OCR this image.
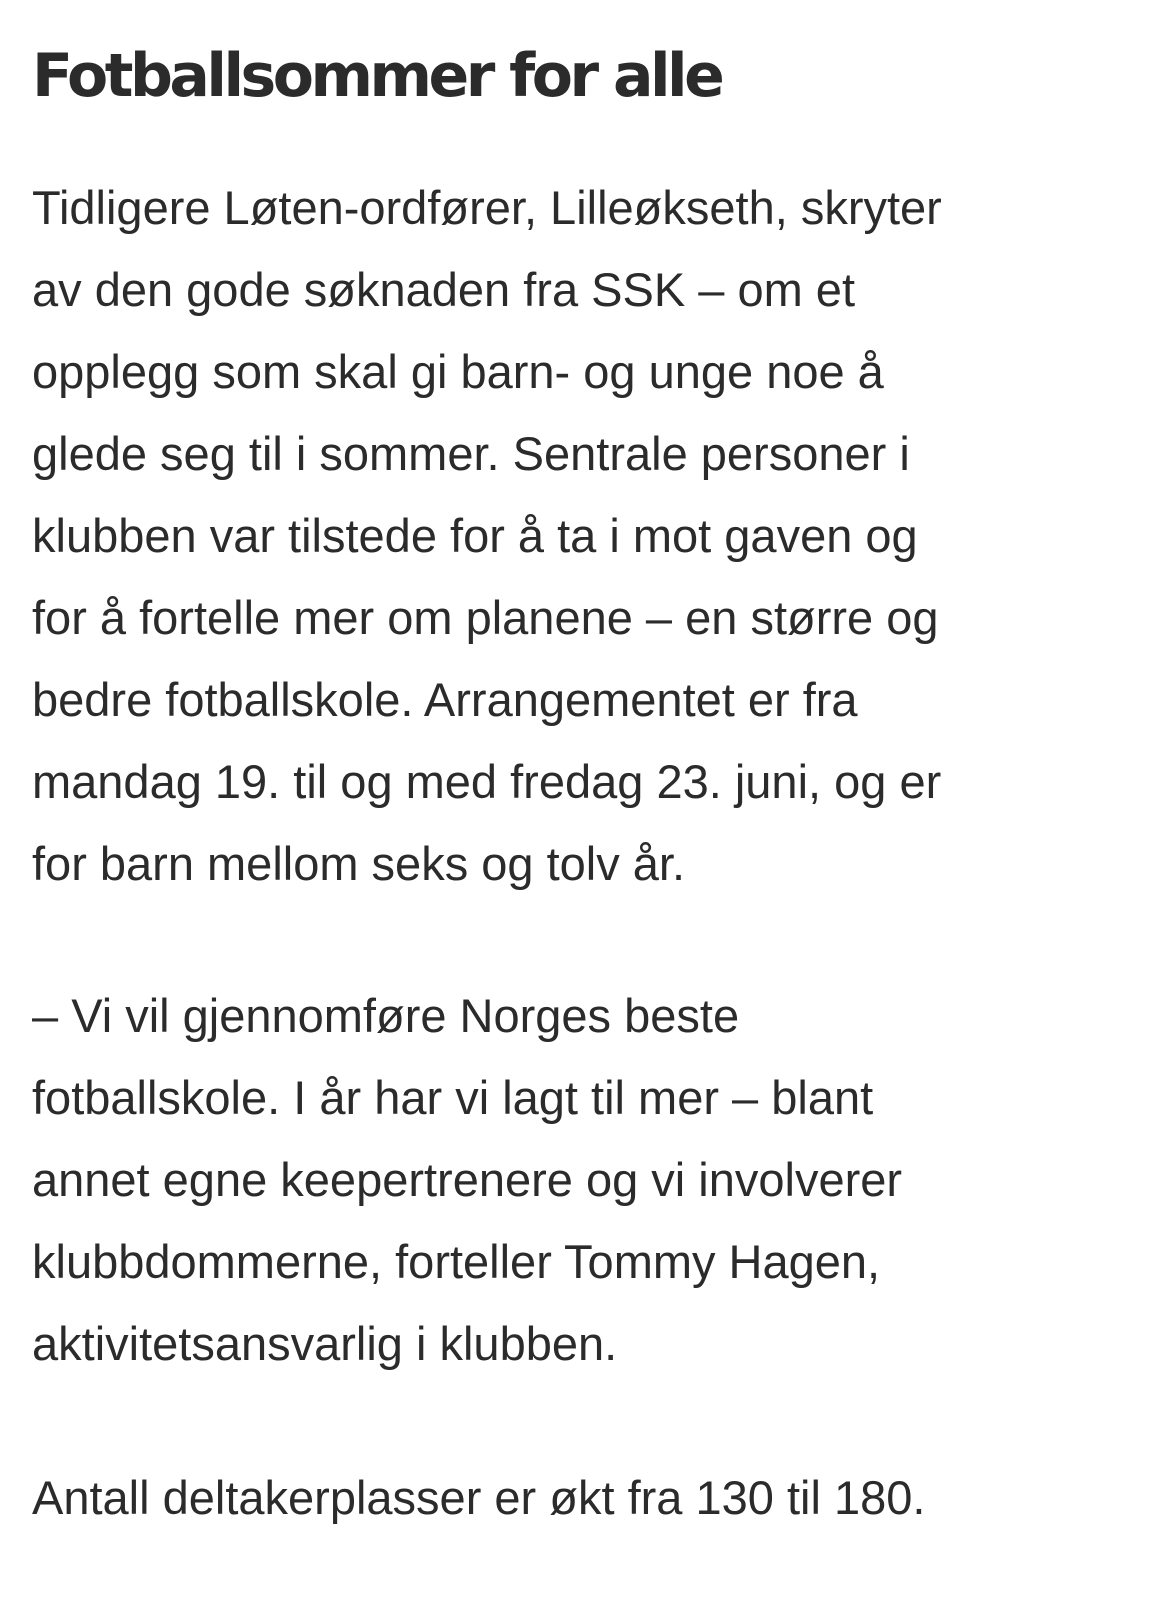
Fotballsommer for alle

Tidligere Løten-ordfører, Lilleøkseth, skryter
av den gode søknaden fra SSK – om et
opplegg som skal gi barn- og unge noe å
glede seg til i sommer. Sentrale personer i
klubben var tilstede for å ta i mot gaven og
for å fortelle mer om planene – en større og
bedre fotballskole. Arrangementet er fra
mandag 19. til og med fredag 23. juni, og er
for barn mellom seks og tolv år.

– Vi vil gjennomføre Norges beste
fotballskole. I år har vi lagt til mer – blant
annet egne keepertrenere og vi involverer
klubbdommerne, forteller Tommy Hagen,
aktivitetsansvarlig i klubben.

Antall deltakerplasser er økt fra 130 til 180.
